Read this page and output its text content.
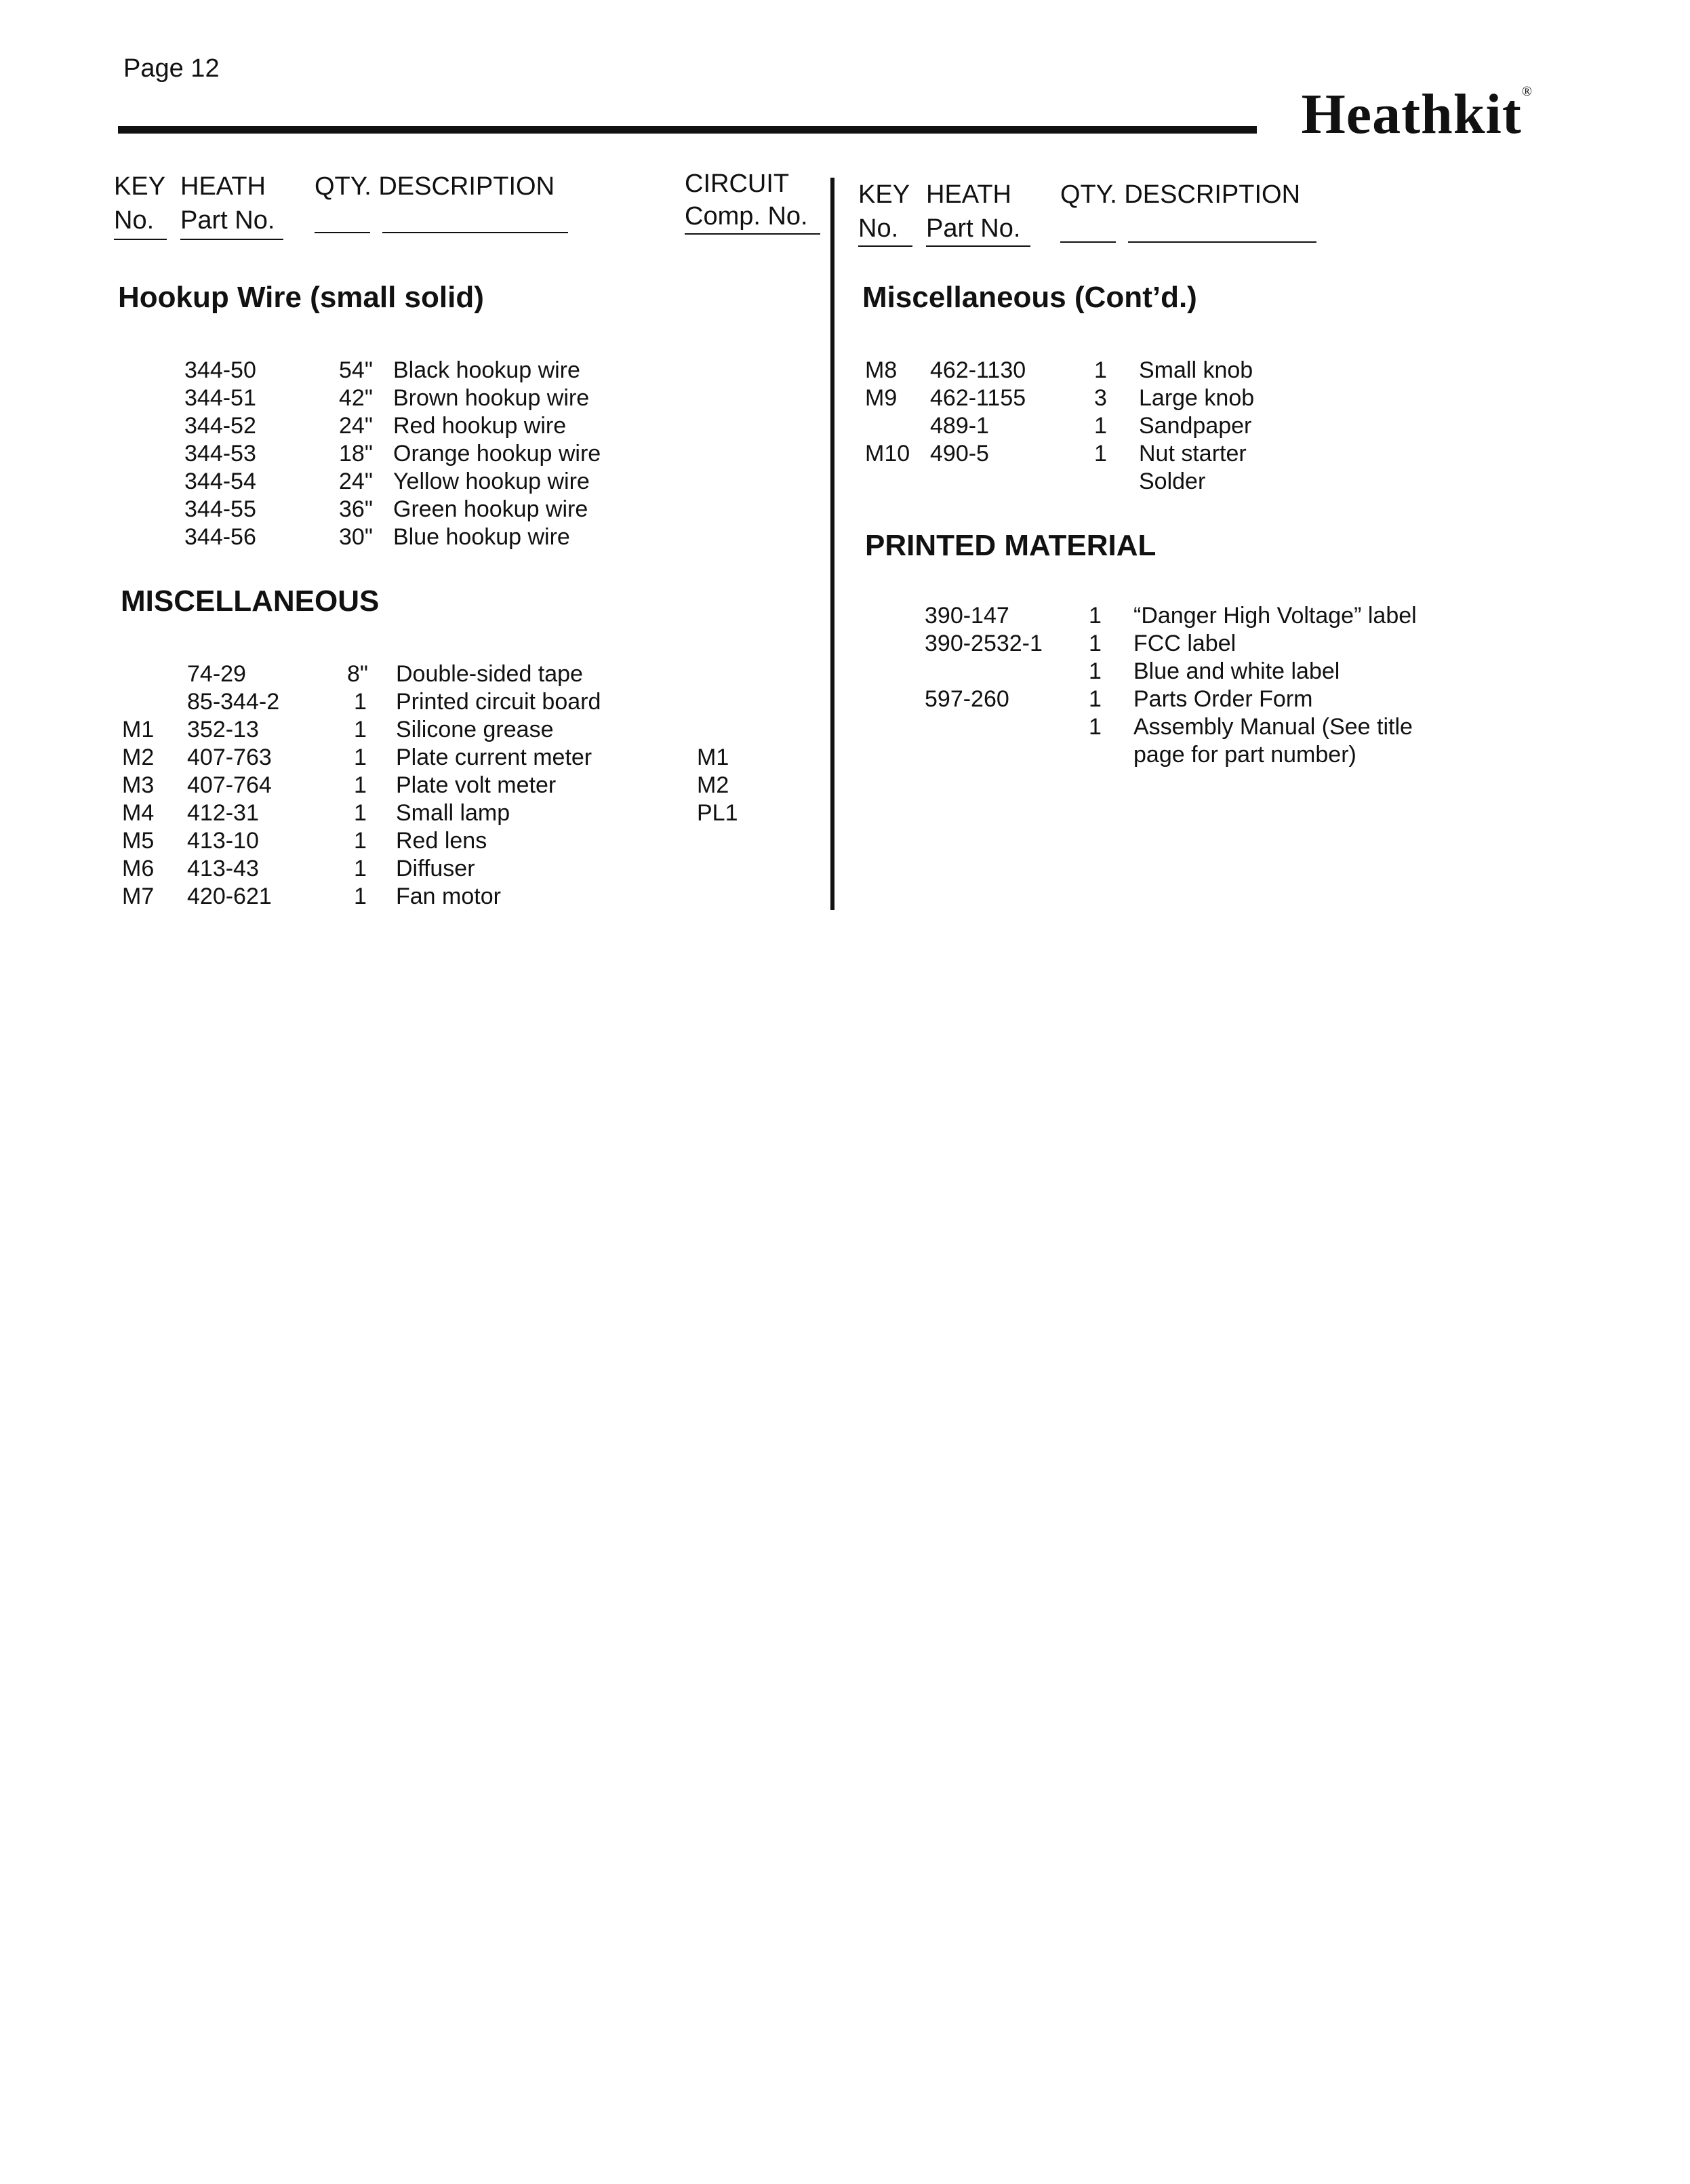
Page 12
Heathkit®
KEY
No.
HEATH
Part No.
QTY. DESCRIPTION	CIRCUIT
Comp. No.
KEY
No.
HEATH
Part No.
QTY. DESCRIPTION
Hookup Wire (small solid)
MISCELLANEOUS
Miscellaneous (Cont’d.)
PRINTED MATERIAL
344-50	54" Black hookup wire
344-51	42" Brown hookup wire
344-52	24" Red hookup wire
344-53	18" Orange hookup wire
344-54	24" Yellow hookup wire
344-55	36" Green hookup wire
344-56	30" Blue hookup wire
74-29	8" Double-sided tape
85-344-2	1 Printed circuit board
M1 352-13	1 Silicone grease
M2 407-763	1 Plate current meter	M1
M3 407-764	1 Plate volt meter	M2
M4 412-31	1 Small lamp	PL1
M5 413-10	1 Red lens
M6 413-43	1 Diffuser
M7 420-621	1 Fan motor
M8 462-1130	1 Small knob
M9 462-1155	3 Large knob
489-1	1 Sandpaper
M10 490-5	1 Nut starter
Solder
390-147	1 “Danger High Voltage” label
390-2532-1 1 FCC label
1 Blue and white label
597-260	1 Parts Order Form
1 Assembly Manual (See title
page for part number)
